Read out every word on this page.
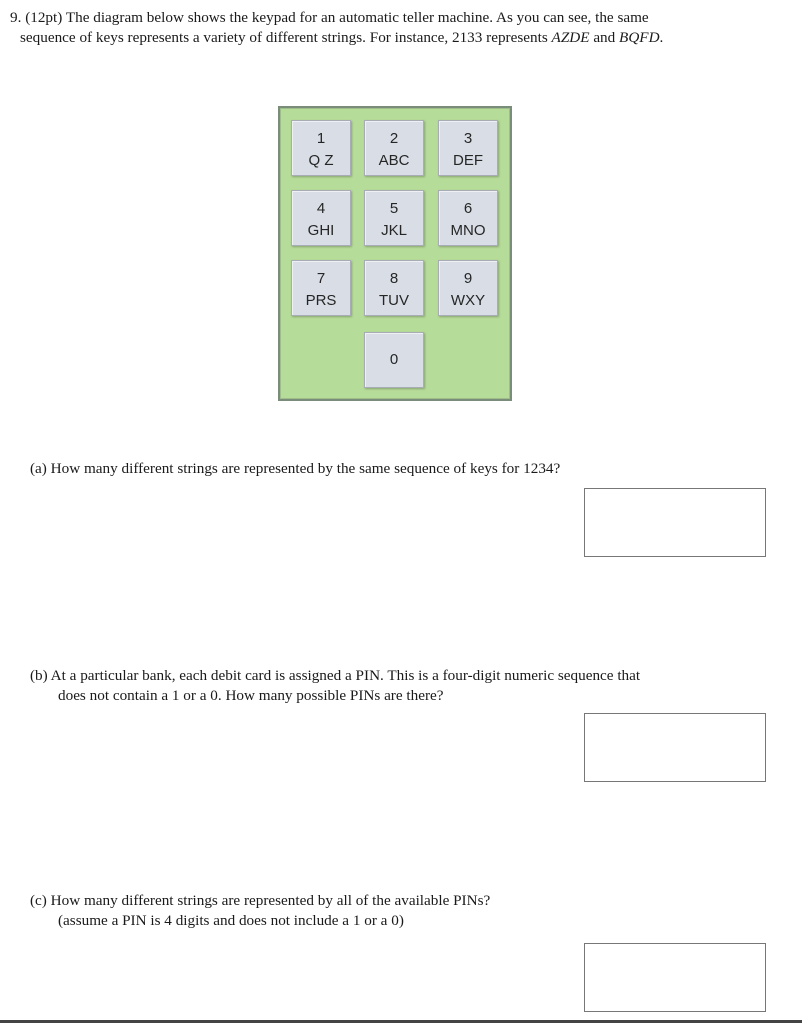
9. (12pt) The diagram below shows the keypad for an automatic teller machine. As you can see, the same
sequence of keys represents a variety of different strings. For instance, 2133 represents AZDE and BQFD.

1
Q Z
2
ABC
3
DEF
4
GHI
5
JKL
6
MNO
7
PRS
8
TUV
9
WXY
0

(a) How many different strings are represented by the same sequence of keys for 1234?

(b) At a particular bank, each debit card is assigned a PIN. This is a four-digit numeric sequence that
does not contain a 1 or a 0. How many possible PINs are there?

(c) How many different strings are represented by all of the available PINs?
(assume a PIN is 4 digits and does not include a 1 or a 0)
